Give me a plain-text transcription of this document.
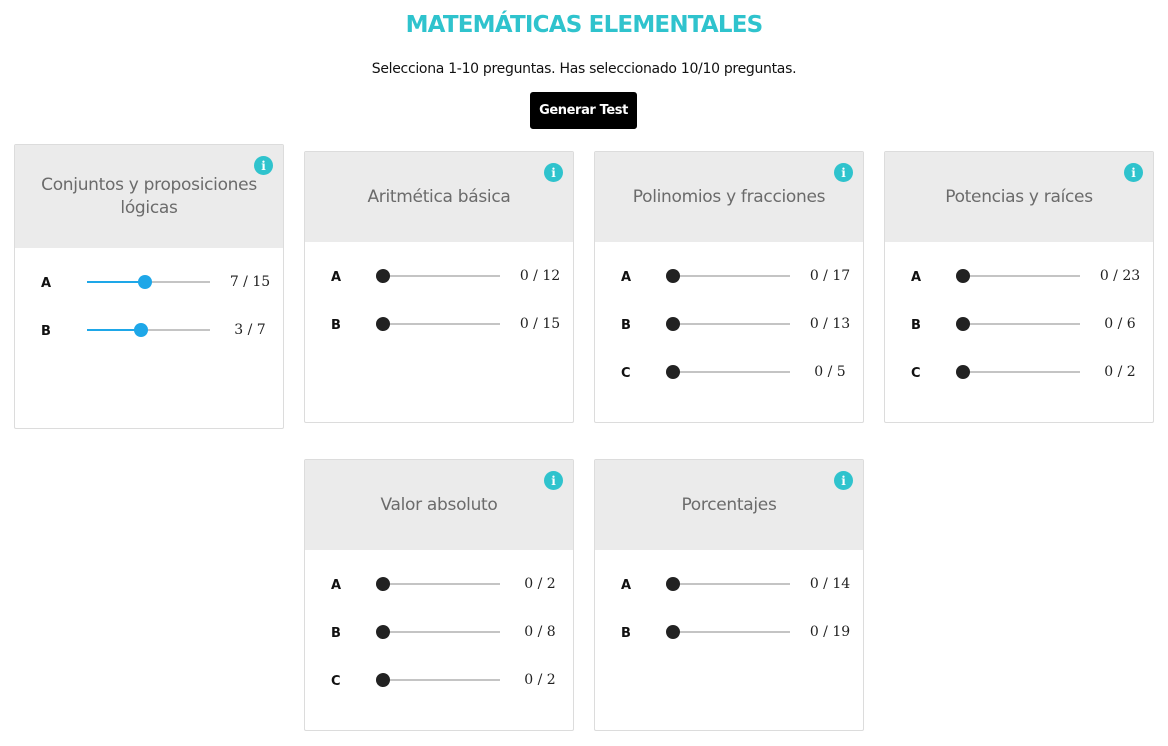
MATEMÁTICAS ELEMENTALES

Selecciona 1-10 preguntas. Has seleccionado 10/10 preguntas.

Generar Test
Conjuntos y proposiciones lógicas
i
A	7 / 15
B	3 / 7
Aritmética básica
i
A	0 / 12
B	0 / 15
Polinomios y fracciones
i
A	0 / 17
B	0 / 13
C	0 / 5
Potencias y raíces
i
A	0 / 23
B	0 / 6
C	0 / 2
Valor absoluto
i
A	0 / 2
B	0 / 8
C	0 / 2
Porcentajes
i
A	0 / 14
B	0 / 19
